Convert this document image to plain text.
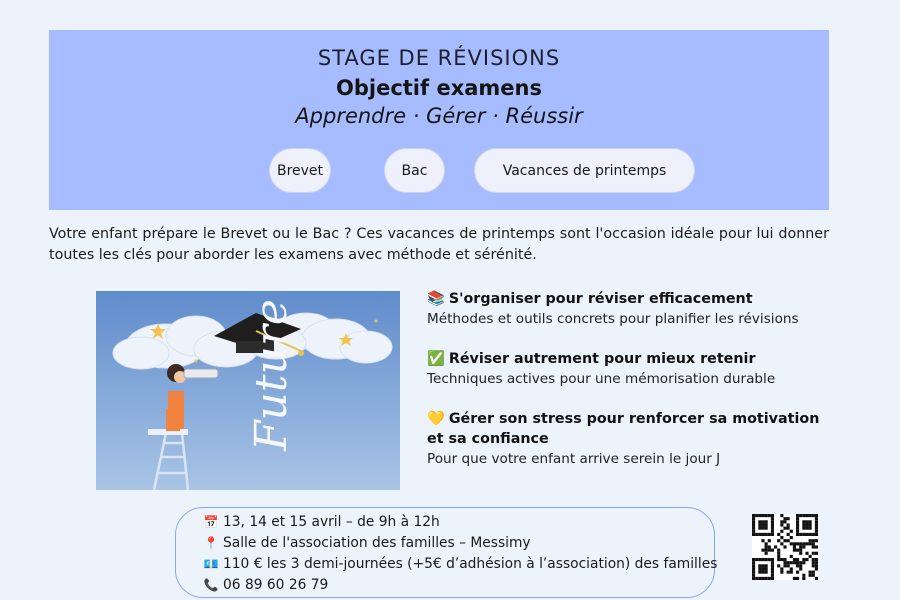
STAGE DE RÉVISIONS
Objectif examens
Apprendre · Gérer · Réussir
Brevet	Bac	Vacances de printemps

Votre enfant prépare le Brevet ou le Bac ? Ces vacances de printemps sont l'occasion idéale pour lui donner toutes les clés pour aborder les examens avec méthode et sérénité.

Future
📚 S'organiser pour réviser efficacement
Méthodes et outils concrets pour planifier les révisions
✅ Réviser autrement pour mieux retenir
Techniques actives pour une mémorisation durable
💛 Gérer son stress pour renforcer sa motivation et sa confiance
Pour que votre enfant arrive serein le jour J
📅 13, 14 et 15 avril – de 9h à 12h
📍 Salle de l'association des familles – Messimy
💶 110 € les 3 demi-journées (+5€ d’adhésion à l’association) des familles
📞 06 89 60 26 79
